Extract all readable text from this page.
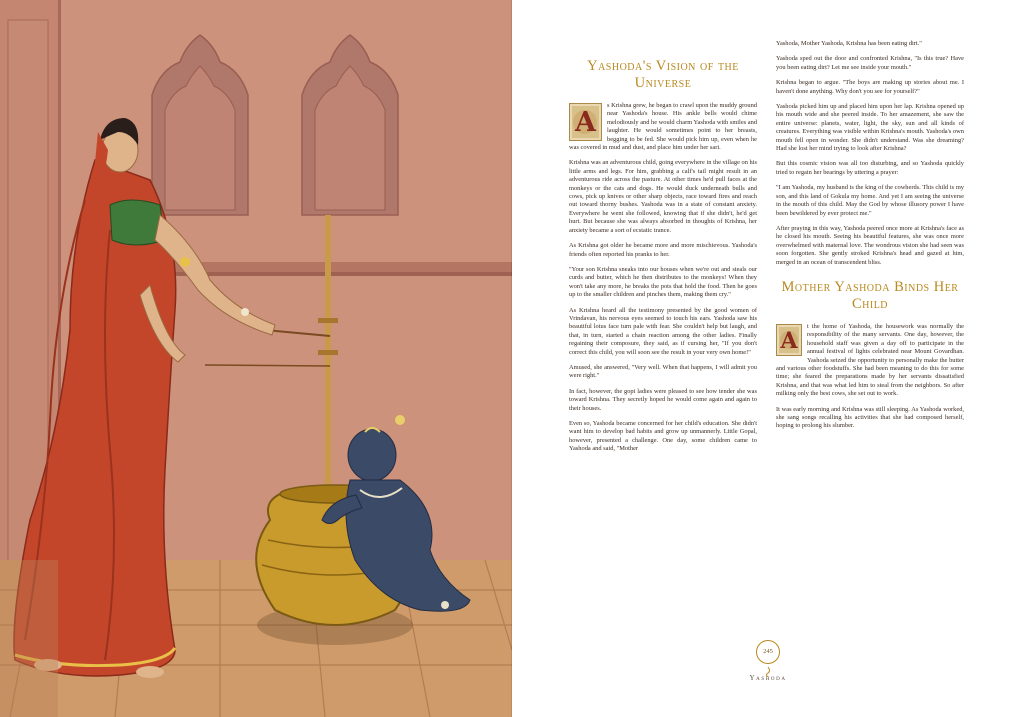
Yashoda's Vision of the Universe

A
s Krishna grew, he began to crawl upon the muddy ground near Yashoda's house. His ankle bells would chime melodiously and he would charm Yashoda with smiles and laughter. He would sometimes point to her breasts, begging to be fed. She would pick him up, even when he was covered in mud and dust, and place him under her sari.

Krishna was an adventurous child, going everywhere in the village on his little arms and legs. For him, grabbing a calf's tail might result in an adventurous ride across the pasture. At other times he'd pull faces at the monkeys or the cats and dogs. He would duck underneath bulls and cows, pick up knives or other sharp objects, race toward fires and reach out toward thorny bushes. Yashoda was in a state of constant anxiety. Everywhere he went she followed, knowing that if she didn't, he'd get hurt. But because she was always absorbed in thoughts of Krishna, her anxiety became a sort of ecstatic trance.

As Krishna got older he became more and more mischievous. Yashoda's friends often reported his pranks to her.

"Your son Krishna sneaks into our houses when we're out and steals our curds and butter, which he then distributes to the monkeys! When they won't take any more, he breaks the pots that hold the food. Then he goes up to the smaller children and pinches them, making them cry."

As Krishna heard all the testimony presented by the good women of Vrindavan, his nervous eyes seemed to touch his ears. Yashoda saw his beautiful lotus face turn pale with fear. She couldn't help but laugh, and that, in turn, started a chain reaction among the other ladies. Finally regaining their composure, they said, as if cursing her, "If you don't correct this child, you will soon see the result in your very own home!"

Amused, she answered, "Very well. When that happens, I will admit you were right."

In fact, however, the gopi ladies were pleased to see how tender she was toward Krishna. They secretly hoped he would come again and again to their houses.

Even so, Yashoda became concerned for her child's education. She didn't want him to develop bad habits and grow up unmannerly. Little Gopal, however, presented a challenge. One day, some children came to Yashoda and said, "Mother

Yashoda, Mother Yashoda, Krishna has been eating dirt."

Yashoda sped out the door and confronted Krishna, "Is this true? Have you been eating dirt? Let me see inside your mouth."

Krishna began to argue. "The boys are making up stories about me. I haven't done anything. Why don't you see for yourself?"

Yashoda picked him up and placed him upon her lap. Krishna opened up his mouth wide and she peered inside. To her amazement, she saw the entire universe: planets, water, light, the sky, sun and all kinds of creatures. Everything was visible within Krishna's mouth. Yashoda's own mouth fell open in wonder. She didn't understand. Was she dreaming? Had she lost her mind trying to look after Krishna?

But this cosmic vision was all too disturbing, and so Yashoda quickly tried to regain her bearings by uttering a prayer:

"I am Yashoda, my husband is the king of the cowherds. This child is my son, and this land of Gokula my home. And yet I am seeing the universe in the mouth of this child. May the God by whose illusory power I have been bewildered by ever protect me."

After praying in this way, Yashoda peered once more at Krishna's face as he closed his mouth. Seeing his beautiful features, she was once more overwhelmed with maternal love. The wondrous vision she had seen was soon forgotten. She gently stroked Krishna's head and gazed at him, merged in an ocean of transcendent bliss.

Mother Yashoda Binds Her Child

A
t the home of Yashoda, the housework was normally the responsibility of the many servants. One day, however, the household staff was given a day off to participate in the annual festival of lights celebrated near Mount Govardhan. Yashoda seized the opportunity to personally make the butter and various other foodstuffs. She had been meaning to do this for some time; she feared the preparations made by her servants dissatisfied Krishna, and that was what led him to steal from the neighbors. So after milking only the best cows, she set out to work.

It was early morning and Krishna was still sleeping. As Yashoda worked, she sang songs recalling his activities that she had composed herself, hoping to prolong his slumber.

245
Yashoda
